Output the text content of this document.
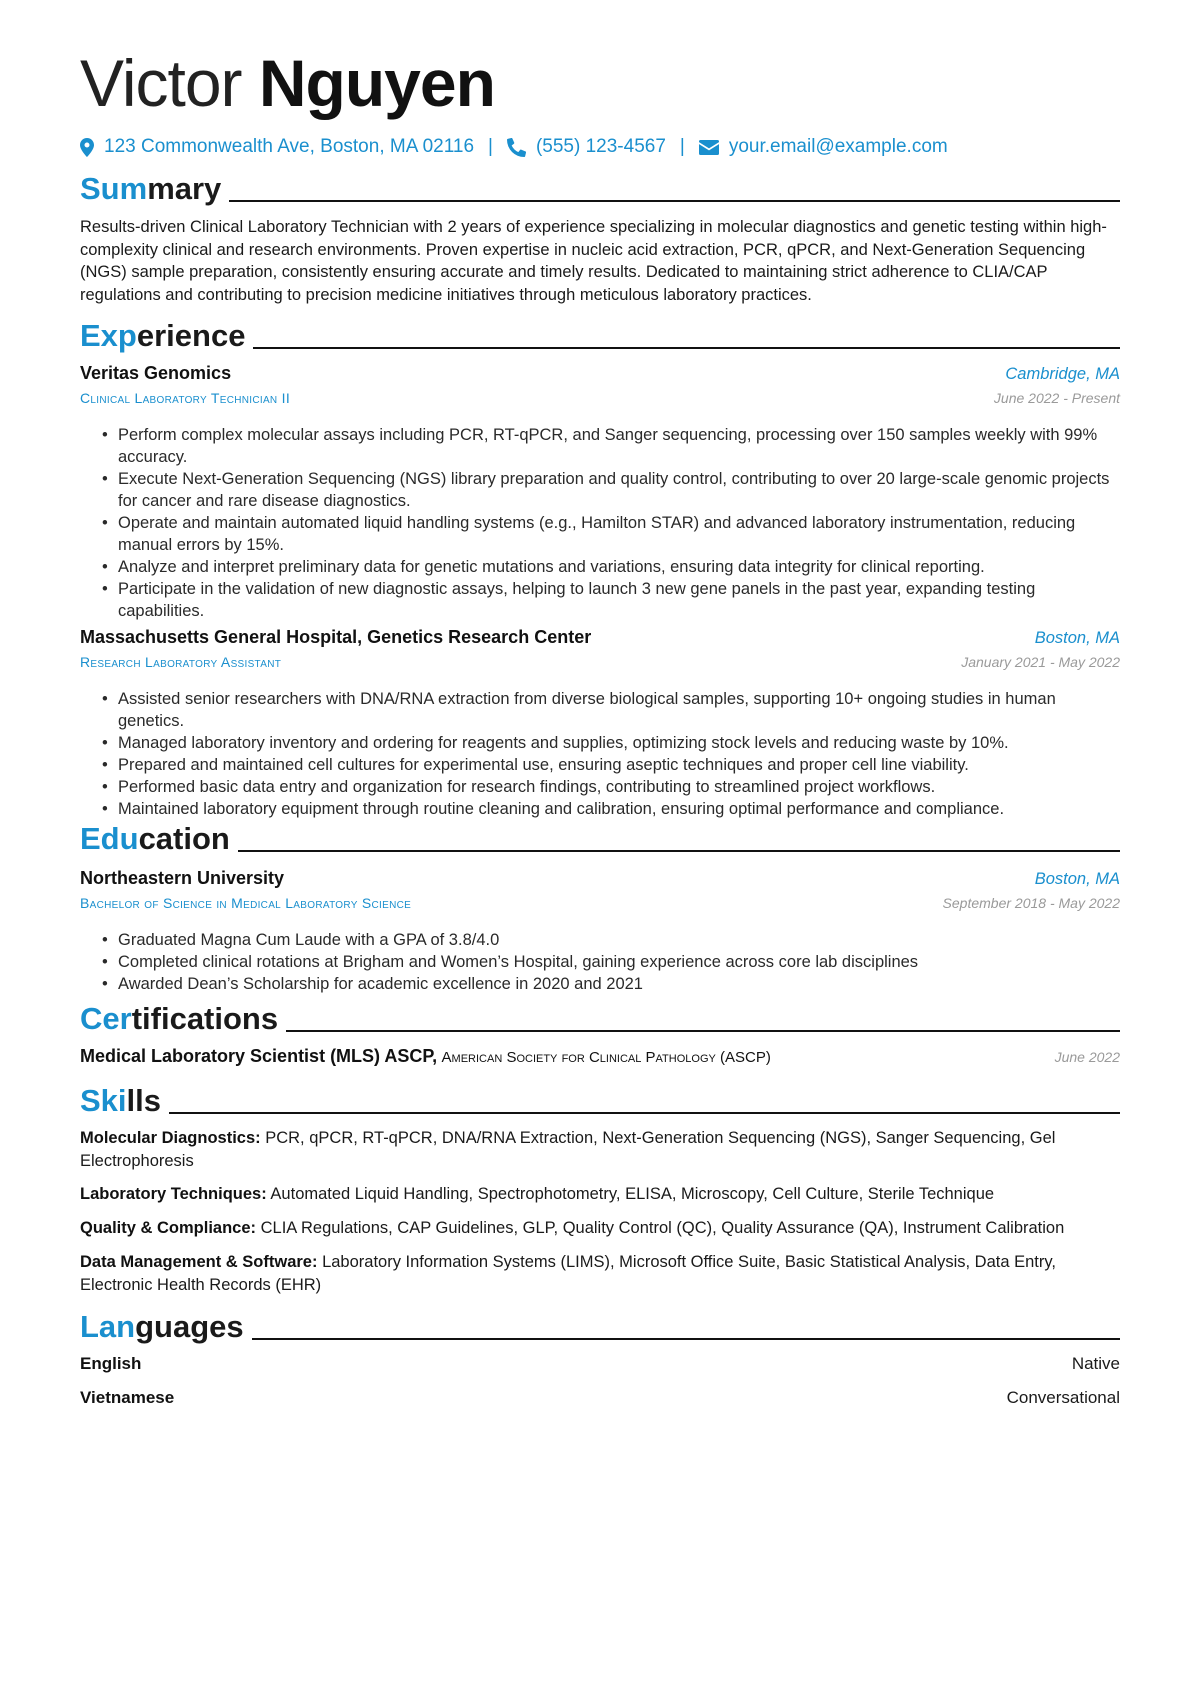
Victor Nguyen
123 Commonwealth Ave, Boston, MA 02116 | (555) 123-4567 | your.email@example.com
Summary
Results-driven Clinical Laboratory Technician with 2 years of experience specializing in molecular diagnostics and genetic testing within high-complexity clinical and research environments. Proven expertise in nucleic acid extraction, PCR, qPCR, and Next-Generation Sequencing (NGS) sample preparation, consistently ensuring accurate and timely results. Dedicated to maintaining strict adherence to CLIA/CAP regulations and contributing to precision medicine initiatives through meticulous laboratory practices.
Experience
Veritas Genomics	Cambridge, MA
Clinical Laboratory Technician II	June 2022 - Present
• Perform complex molecular assays including PCR, RT-qPCR, and Sanger sequencing, processing over 150 samples weekly with 99% accuracy.
• Execute Next-Generation Sequencing (NGS) library preparation and quality control, contributing to over 20 large-scale genomic projects for cancer and rare disease diagnostics.
• Operate and maintain automated liquid handling systems (e.g., Hamilton STAR) and advanced laboratory instrumentation, reducing manual errors by 15%.
• Analyze and interpret preliminary data for genetic mutations and variations, ensuring data integrity for clinical reporting.
• Participate in the validation of new diagnostic assays, helping to launch 3 new gene panels in the past year, expanding testing capabilities.
Massachusetts General Hospital, Genetics Research Center	Boston, MA
Research Laboratory Assistant	January 2021 - May 2022
• Assisted senior researchers with DNA/RNA extraction from diverse biological samples, supporting 10+ ongoing studies in human genetics.
• Managed laboratory inventory and ordering for reagents and supplies, optimizing stock levels and reducing waste by 10%.
• Prepared and maintained cell cultures for experimental use, ensuring aseptic techniques and proper cell line viability.
• Performed basic data entry and organization for research findings, contributing to streamlined project workflows.
• Maintained laboratory equipment through routine cleaning and calibration, ensuring optimal performance and compliance.
Education
Northeastern University	Boston, MA
Bachelor of Science in Medical Laboratory Science	September 2018 - May 2022
• Graduated Magna Cum Laude with a GPA of 3.8/4.0
• Completed clinical rotations at Brigham and Women’s Hospital, gaining experience across core lab disciplines
• Awarded Dean’s Scholarship for academic excellence in 2020 and 2021
Certifications
Medical Laboratory Scientist (MLS) ASCP, American Society for Clinical Pathology (ASCP)	June 2022
Skills
Molecular Diagnostics: PCR, qPCR, RT-qPCR, DNA/RNA Extraction, Next-Generation Sequencing (NGS), Sanger Sequencing, Gel Electrophoresis
Laboratory Techniques: Automated Liquid Handling, Spectrophotometry, ELISA, Microscopy, Cell Culture, Sterile Technique
Quality & Compliance: CLIA Regulations, CAP Guidelines, GLP, Quality Control (QC), Quality Assurance (QA), Instrument Calibration
Data Management & Software: Laboratory Information Systems (LIMS), Microsoft Office Suite, Basic Statistical Analysis, Data Entry, Electronic Health Records (EHR)
Languages
English	Native
Vietnamese	Conversational
